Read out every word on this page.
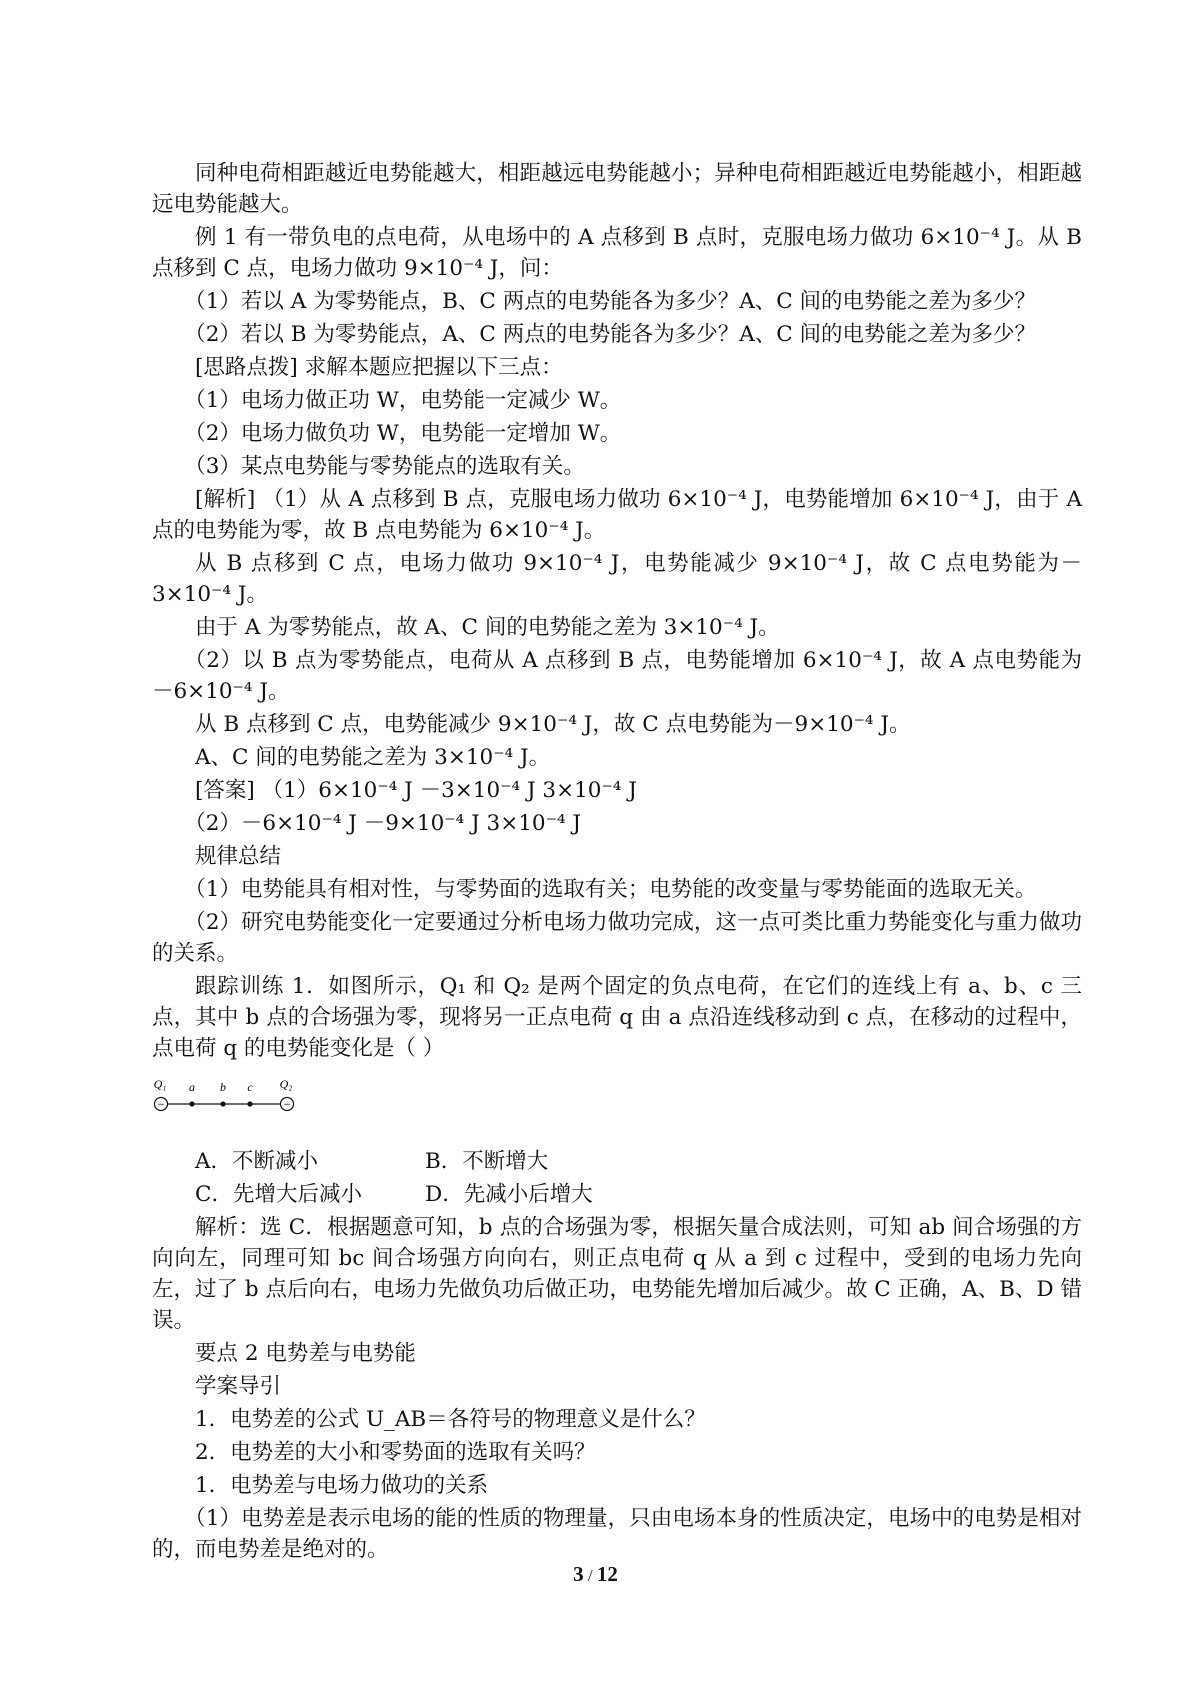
同种电荷相距越近电势能越大，相距越远电势能越小；异种电荷相距越近电势能越小，相距越远电势能越大。

例 1 有一带负电的点电荷，从电场中的 A 点移到 B 点时，克服电场力做功 6×10⁻⁴ J。从 B 点移到 C 点，电场力做功 9×10⁻⁴ J，问：

（1）若以 A 为零势能点，B、C 两点的电势能各为多少？A、C 间的电势能之差为多少？

（2）若以 B 为零势能点，A、C 两点的电势能各为多少？A、C 间的电势能之差为多少？

[思路点拨] 求解本题应把握以下三点：

（1）电场力做正功 W，电势能一定减少 W。

（2）电场力做负功 W，电势能一定增加 W。

（3）某点电势能与零势能点的选取有关。

[解析] （1）从 A 点移到 B 点，克服电场力做功 6×10⁻⁴ J，电势能增加 6×10⁻⁴ J，由于 A 点的电势能为零，故 B 点电势能为 6×10⁻⁴ J。

从 B 点移到 C 点，电场力做功 9×10⁻⁴ J，电势能减少 9×10⁻⁴ J，故 C 点电势能为－3×10⁻⁴ J。

由于 A 为零势能点，故 A、C 间的电势能之差为 3×10⁻⁴ J。

（2）以 B 点为零势能点，电荷从 A 点移到 B 点，电势能增加 6×10⁻⁴ J，故 A 点电势能为－6×10⁻⁴ J。

从 B 点移到 C 点，电势能减少 9×10⁻⁴ J，故 C 点电势能为－9×10⁻⁴ J。

A、C 间的电势能之差为 3×10⁻⁴ J。

[答案] （1）6×10⁻⁴ J －3×10⁻⁴ J 3×10⁻⁴ J

（2）－6×10⁻⁴ J －9×10⁻⁴ J 3×10⁻⁴ J

规律总结

（1）电势能具有相对性，与零势面的选取有关；电势能的改变量与零势能面的选取无关。

（2）研究电势能变化一定要通过分析电场力做功完成，这一点可类比重力势能变化与重力做功的关系。

跟踪训练 1．如图所示，Q₁ 和 Q₂ 是两个固定的负点电荷，在它们的连线上有 a、b、c 三点，其中 b 点的合场强为零，现将另一正点电荷 q 由 a 点沿连线移动到 c 点，在移动的过程中，点电荷 q 的电势能变化是（ ）

−	−
Q₁ a b c Q₂

A．不断减小	B．不断增大

C．先增大后减小	D．先减小后增大

解析：选 C．根据题意可知，b 点的合场强为零，根据矢量合成法则，可知 ab 间合场强的方向向左，同理可知 bc 间合场强方向向右，则正点电荷 q 从 a 到 c 过程中，受到的电场力先向左，过了 b 点后向右，电场力先做负功后做正功，电势能先增加后减少。故 C 正确，A、B、D 错误。

要点 2 电势差与电势能

学案导引

1．电势差的公式 U_AB＝各符号的物理意义是什么？

2．电势差的大小和零势面的选取有关吗？

1．电势差与电场力做功的关系

（1）电势差是表示电场的能的性质的物理量，只由电场本身的性质决定，电场中的电势是相对的，而电势差是绝对的。

3 / 12
